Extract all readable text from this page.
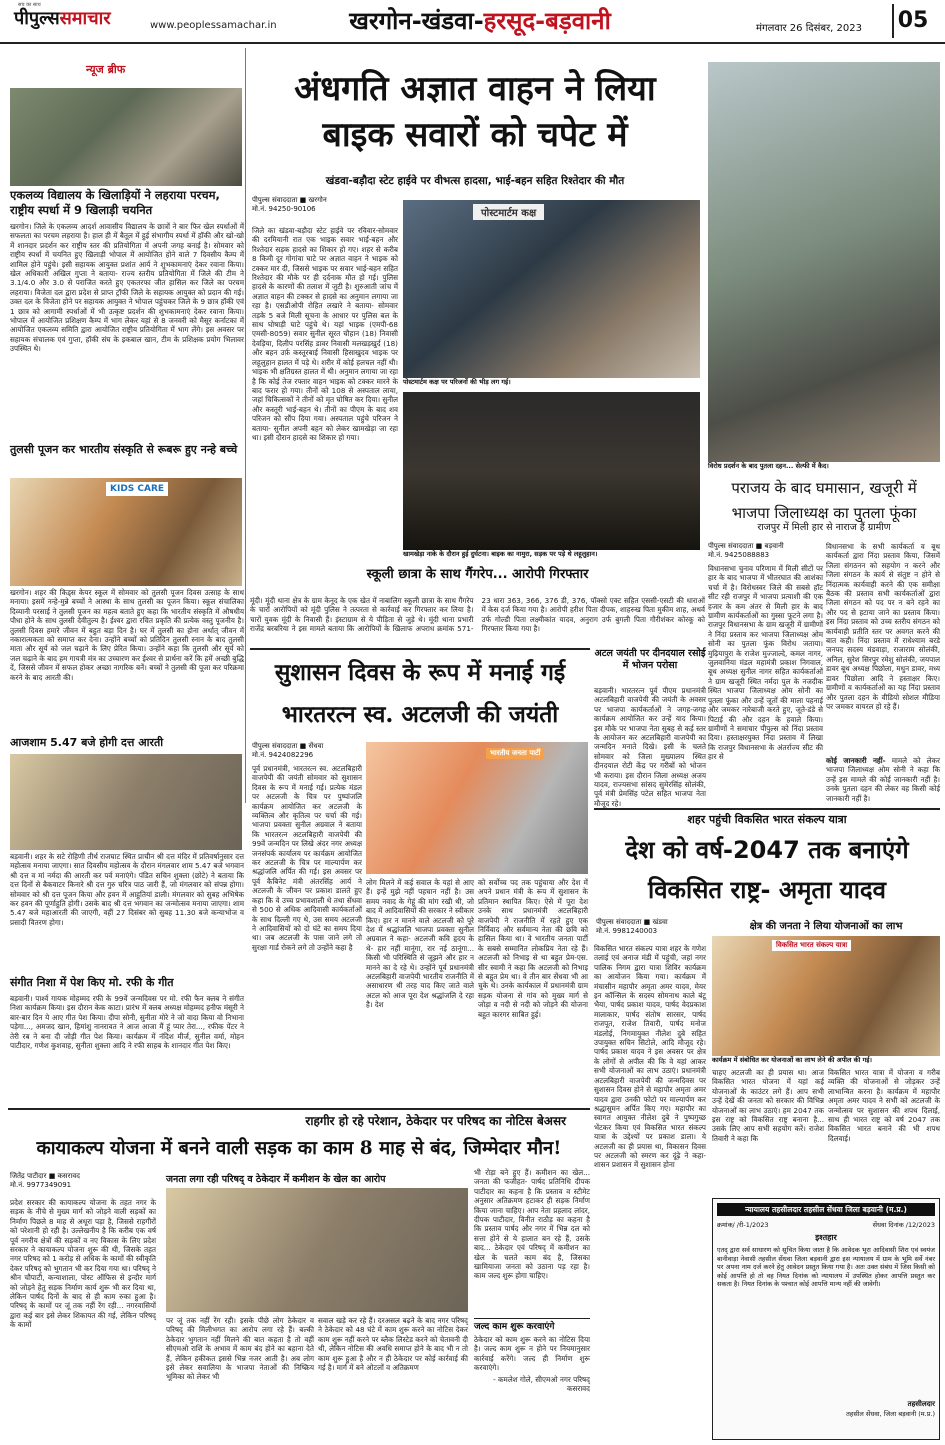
सच का साथ
पीपुल्ससमाचार	www.peoplessamachar.in	खरगोन-खंडवा-हरसूद-बड़वानी	मंगलवार 26 दिसंबर, 2023 05
न्यूज ब्रीफ
एकलव्य विद्यालय के खिलाड़ियों ने लहराया परचम, राष्ट्रीय स्पर्धा में 9 खिलाड़ी चयनित
खरगोन। जिले के एकलव्य आदर्श आवासीय विद्यालय के छात्रों ने बार फिर खेल स्पर्धाओं में सफलता का परचम लहराया है। हाल ही में बैतूल में हुई संभागीय स्पर्धा में हॉकी और खो-खो में शानदार प्रदर्शन कर राष्ट्रीय स्तर की प्रतियोगिता में अपनी जगह बनाई है। सोमवार को राष्ट्रीय स्पर्धा में चयनित हुए खिलाड़ी भोपाल में आयोजित होने वाले 7 दिवसीय कैम्प में शामिल होने पहुंचे। इसी सहायक आयुक्त प्रशांत आर्य ने शुभकामनाएं देकर रवाना किया। खेल अधिकारी अखिल गुप्ता ने बताया- राज्य स्तरीय प्रतियोगिता में जिले की टीम ने 3.1/4.0 और 3.0 से पराजित करते हुए एकतरफा जीत हासिल कर जिले का परचम लहराया। विजेता दल द्वारा प्रदेश से प्राप्त ट्रॉफी जिले के सहायक आयुक्त को प्रदान की गई। उक्त दल के विजेता होने पर सहायक आयुक्त ने भोपाल पहुंचकर जिले के 9 छात्र हॉकी एवं 1 छात्र को आगामी स्पर्धाओं में भी उत्कृष्ट प्रदर्शन की शुभकामनाएं देकर रवाना किया। भोपाल में आयोजित प्रशिक्षण कैम्प में भाग लेकर यहां से 8 जनवरी को मैसूर कर्नाटका में आयोजित एकलव्य समिति द्वारा आयोजित राष्ट्रीय प्रतियोगिता में भाग लेंगे। इस अवसर पर सहायक संचालक एवं गुप्ता, हॉकी संघ के इकबाल खान, टीम के प्रशिक्षक प्रयोग भिलावर उपस्थित थे।
तुलसी पूजन कर भारतीय संस्कृति से रूबरू हुए नन्हे बच्चे
KIDS CARE
खरगोन। शहर की किड्स केयर स्कूल में सोमवार को तुलसी पूजन दिवस उत्साह के साथ मनाया। इसमें नन्हे-मुन्ने बच्चों ने आस्था के साथ तुलसी का पूजन किया। स्कूल संचालिका दिव्यानी परसाई ने तुलसी पूजन का महत्व बताते हुए कहा कि भारतीय संस्कृति में औषधीय पौधा होने के साथ तुलसी देवीतुल्य है। ईश्वर द्वारा रचित प्रकृति की प्रत्येक वस्तु पूजनीय है। तुलसी दिवस हमारे जीवन में बहुत बड़ा दिन है। घर में तुलसी का होना अर्थात् जीवन में नकारात्मकता को समाप्त कर देना। उन्होंने बच्चों को प्रतिदिन तुलसी स्नान के बाद तुलसी माता और सूर्य को जल चढ़ाने के लिए प्रेरित किया। उन्होंने कहा कि तुलसी और सूर्य को जल चढ़ाने के बाद हम गायत्री मंत्र का उच्चारण कर ईश्वर से प्रार्थना करें कि हमें अच्छी बुद्धि दें, जिससे जीवन में सफल होकर अच्छा नागरिक बनें। बच्चों ने तुलसी की पूजा कर परिक्रमा करने के बाद आरती की।
आजशाम 5.47 बजे होगी दत्त आरती
बड़वानी। शहर के सटे रोहिणी तीर्थ राजघाट स्थित प्राचीन श्री दत्त मंदिर में प्रतिवर्षानुसार दत्त महोत्सव मनाया जाएगा। सात दिवसीय महोत्सव के दौरान मंगलवार शाम 5.47 बजे भगवान श्री दत्त व मां नर्मदा की आरती कर पर्व मनाएंगे। पंडित सचिन शुक्ला (छोटे) ने बताया कि दत्त दिनों से बैकवाटर किनारे श्री दत्त गुरु चरित्र पाठ जारी हैं, जो मंगलवार को संपन्न होगा। सोमवार को श्री दत्त पूजन किया और हवन में आहुतियां डाली। मंगलवार को सुबह अभिषेक कर हवन की पूर्णाहुति होगी। उसके बाद श्री दत्त भगवान का जन्मोत्सव मनाया जाएगा। शाम 5.47 बजे महाआरती की जाएगी, वहीं 27 दिसंबर को सुबह 11.30 बजे कन्याभोज व प्रसादी वितरण होगा।
संगीत निशा में पेश किए मो. रफी के गीत
बड़वानी। पार्श्व गायक मोहम्मद रफी के 99वें जन्मदिवस पर मो. रफी फैन क्लब ने संगीत निशा कार्यक्रम किया। इस दौरान केक काटा। प्रारंभ में क्लब अध्यक्ष मोहम्मद हनीफ मंसूरी ने बार-बार दिन ये आए गीत पेश किया। दीपा सोनी, सुनीता मोरे ने जो वादा किया वो निभाना पड़ेगा..., अमजद खान, हिमांशु नानरावत ने आज आजा मैं हूं प्यार तेरा..., रफीक पेंटर ने तेरी रब ने बना दी जोड़ी गीत पेश किया। कार्यक्रम में नंदिश मीर्ज, सुनील वर्मा, मोहन पाटीदार, गणेश कुशवाह, सुनीता शुक्ला आदि ने रफी साहब के शानदार गीत पेश किए।
अंधगति अज्ञात वाहन ने लिया
बाइक सवारों को चपेट में
खंडवा-बड़ौदा स्टेट हाईवे पर वीभत्स हादसा, भाई-बहन सहित रिश्तेदार की मौत
पीपुल्स संवाददाता ■ खरगोन
मो.नं. 94250-90106
जिले का खंडवा-बड़ौदा स्टेट हाईवे पर रविवार-सोमवार की दरमियानी रात एक भाइक सवार भाई-बहन और रिश्तेदार सड़क हादसे का शिकार हो गए। शहर से करीब 8 किमी दूर गोगांवा घाटे पर अज्ञात वाहन ने भाइक को टक्कर मार दी, जिससे भाइक पर सवार भाई-बहन सहित रिश्तेदार की मौके पर ही दर्दनाक मौत हो गई। पुलिस हादसे के कारणों की तलाश में जुटी है। शुरुआती जांच में अज्ञात वाहन की टक्कर से हादसे का अनुमान लगाया जा रहा है। एसडीओपी रोहित लखारे ने बताया- सोमवार तड़के 5 बजे मिली सूचना के आधार पर पुलिस बल के साथ घोषाड़ी घाटे पहुंचे थे। यहां भाइक (एमपी-68 एमसी-8059) सवार सुनील सूरत चौहान (18) निवासी देवड़िया, दिलीप परसिंह डावर निवासी मलखड़खुर्द (18) और बहन उर्फ़ कस्तूरबाई निवासी हिसाखुदव भाइक पर लहूलुहान हालत में पड़े थे। शरीर में कोई हलचल नहीं थी। भाइक भी क्षतिग्रस्त हालत में थी। अनुमान लगाया जा रहा है कि कोई तेज रफ्तार वाहन भाइक को टक्कर मारने के बाद फरार हो गया। तीनों को 108 से अस्पताल लाया, जहां चिकित्सकों ने तीनों को मृत घोषित कर दिया। सुनील और कस्तूरी भाई-बहन थे। तीनों का पीएम के बाद शव परिजन को सौंप दिया गया। अस्पताल पहुंचे परिजन ने बताया- सुनील अपनी बहन को लेकर खामखेड़ा जा रहा था। इसी दौरान हादसे का शिकार हो गया।
पोस्टमार्टम कक्ष
पोस्टमार्टम कक्ष पर परिजनों की भीड़ लग गई।
खामखेड़ा नाके के दौरान हुई दुर्घटना। बाइक का नामुरा, सड़क पर पड़े थे लहूलुहान।
विरोध प्रदर्शन के बाद पुतला दहन... सेल्फी में कैद।
पराजय के बाद घमासान, खजूरी में
भाजपा जिलाध्यक्ष का पुतला फूंका
राजपुर में मिली हार से नाराज हैं ग्रामीण
पीपुल्स संवाददाता ■ बड़वानी
मो.नं. 9425088883
विधानसभा चुनाव परिणाम में मिली सीटों पर हार के बाद भाजपा में भीतरघात की आशंका चर्चा में है। विरोधस्वर जिले की सबसे हॉट सीट रही राजपुर में भाजपा प्रत्याशी की एक हजार के कम अंतर से मिली हार के बाद ग्रामीण कार्यकर्ताओं का गुस्सा फूटने लगा है। राजपुर विधानसभा के ग्राम खजूरी में ग्रामीणों ने निंदा प्रस्ताव कर भाजपा जिलाध्यक्ष ओम सोनी का पुतला फूंक विरोध जताया। मुढ़ियापुरा के राजेश मुज्जाल्दे, कमल नागर, जुलवानिया मंडल महामंत्री प्रकाश निगवाल, बूथ अध्यक्ष सुनील नागर सहित कार्यकर्ताओं ने ग्राम खजूरी स्थित नर्मदा पुल के नजदीक स्थित भाजपा जिलाध्यक्ष ओम सोनी का पुतला फूंका और उन्हें जूतों की माला पहनाई और जमकर नारेबाजी करते हुए, जूते-डंडे से पिटाई की और दहन के हवाले किया। ग्रामीणों ने समाचार पीपुल्स को निंदा प्रस्ताव दिया। हस्ताक्षरयुक्त निंदा प्रस्ताव में लिखा कि राजपुर विधानसभा के अंतर्राज्य सीट की हार से
विधानसभा के सभी कार्यकर्ता व बूथ कार्यकर्ता द्वारा निंदा प्रस्ताव किया, जिसमें जिला संगठनन को सहयोग न करने और जिला संगठन के कार्य से संतुष्ट न होने से निंदात्मक कार्यवाही करने की एक समीक्षा बैठक की प्रस्ताव सभी कार्यकर्ताओं द्वारा जिला संगठन को पद पर न बने रहने का और पद से हटाया जाने का प्रस्ताव किया। इस निंदा प्रस्ताव को उच्च स्तरीय संगठन को कार्यवाही प्रतीति स्तर पर अवगत करने की बात कही। निंदा प्रस्ताव में राधेश्याम बरडे जनपद सदस्य मंडवाड़ा, राजाराम सोलंकी, अनिल, सुरेश सिरपुर रमेशु सोलंकी, जयपाल डावर बूथ अध्यक्ष पिछोला, मधुन डावर, मध्य डावर पिछोला आदि ने हस्ताक्षर किए। ग्रामीणों व कार्यकर्ताओं का यह निंदा प्रस्ताव और पुतला दहन के वीडियो सोशल मीडिया पर जमकर वायरल हो रहे हैं।
कोई जानकारी नहीं- मामले को लेकर भाजपा जिलाध्यक्ष ओम सोनी ने कहा कि उन्हें इस मामले की कोई जानकारी नहीं है। उनके पुतला दहन की लेकर वह किसी कोई जानकारी नहीं है।
स्कूली छात्रा के साथ गैंगरेप... आरोपी गिरफ्तार
मूंदी। मूंदी थाना क्षेत्र के ग्राम केनूद के एक खेत में नाबालिग स्कूली छात्रा के साथ गैंगरेप के चारों आरोपियों को मूंदी पुलिस ने तत्परता से कार्रवाई कर गिरफ्तार कर लिया है। चारों युवक मूंदी के निवासी हैं। इंस्टाग्राम से ये पीड़िता से जुड़े थे। मूंदी थाना प्रभारी राजेंद्र बरबरिया ने इस मामले बताया कि आरोपियों के खिलाफ अपराध क्रमांक 571-23 धारा 363, 366, 376 डी, 376, पॉक्सो एक्ट सहित एससी-एसटी की धाराओं में केस दर्ज किया गया है। आरोपी हरीश पिता दीपक, शाहरुख पिता मुकीम शाह, अथर्व उर्फ गोल्डी पिता लक्ष्मीकांत यादव, अनुराग उर्फ बुगली पिता गौरीशंकर कोरकू को गिरफ्तार किया गया है।
सुशासन दिवस के रूप में मनाई गई
भारतरत्न स्व. अटलजी की जयंती
पीपुल्स संवाददाता ■ सेंधवा
मो.नं. 9424082296
पूर्व प्रधानमंत्री, भारतरत्न स्व. अटलबिहारी वाजपेयी की जयंती सोमवार को सुशासन दिवस के रूप में मनाई गई। प्रत्येक मंडल पर अटलजी के चित्र पर पुष्पांजलि कार्यक्रम आयोजित कर अटलजी के व्यक्तित्व और कृतित्व पर चर्चा की गई। भाजपा प्रवक्ता सुनील अग्रवाल ने बताया कि भारतरत्न अटलबिहारी वाजपेयी की 99वें जन्मदिन पर लिखे अंदर नगर अध्यक्ष जनसंपर्क कार्यालय पर कार्यक्रम आयोजित कर अटलजी के चित्र पर माल्यार्पण कर श्रद्धांजलि अर्पित की गई। इस अवसर पर पूर्व कैबिनेट मंत्री अंतरसिंह आर्य ने अटलजी के जीवन पर प्रकाश डालते हुए कहा कि वे उच्च प्रभावशाली थे तथा सेंधवा से 500 से अधिक आदिवासी कार्यकर्ताओं के साथ दिल्ली गए थे, उस समय अटलजी ने आदिवासियों को दो घंटे का समय दिया था। जब अटलजी के पास जाने लगे तो सुरक्षा गार्ड रोकने लगे तो उन्होंने कहा है
भारतीय जनता पार्टी
लोग मिलने में कई सवाल के यहां से आए हैं। इन्हें मुझे नहीं पहचान नहीं है। उस समय नवाद के गेहूं की मांग रखी थी, जो बाद में आदिवासियों की सरकार ने स्वीकार किए। हार न मानने वाले अटलजी को पूरे देश में श्रद्धांजलि भाजपा प्रवक्ता सुनील अग्रवाल ने कहा- अटलजी कवि हृदय के थे- हार नहीं मानूंगा, रार नई ठानूंगा... किसी भी परिस्थिति से जूझने और हार न मानने का दे रहे थे। उन्होंने पूर्व प्रधानमंत्री अटलबिहारी वाजपेयी भारतीय राजनीति में असाधारण थी तरह याद किए जाते वाले अटल को आज पूरा देश श्रद्धांजलि दे रहा है। देश
को सर्वोच्च पद तक पहुंचाया और देश में अपने प्रधान मंत्री के रूप में सुशासन के प्रतिमान स्थापित किए। ऐसे में पूरा देश उनके साथ प्रधानमंत्री अटलबिहारी वाजपेयी ने राजनीति में रहते हुए एक निर्विवाद और सर्वमान्य नेता की छवि को हासिल किया था। वे भारतीय जनता पार्टी के सबसे सम्मानित लोकप्रिय नेता रहे हैं। अटलजी को निभाइ से था बहुत प्रेम-एस. सीर स्वामी ने कहा कि अटलजी को निभाइ से बहुत प्रेम था। वे तीन बार सेंधवा भी आ चुके थे। उनके कार्यकाल में प्रधानमंत्री ग्राम सड़क योजना से गांव को मुख्य मार्ग से जोड़ा व नदी से नदी को जोड़ने की योजना बहुत कारगर साबित हुई।
अटल जयंती पर दीनदयाल रसोई में भोजन परोसा
बड़वानी। भारतरत्न पूर्व पीएम प्रधानमंत्री अटलबिहारी वाजपेयी की जयंती के अवसर पर भाजपा कार्यकर्ताओं ने जगह-जगह कार्यक्रम आयोजित कर उन्हें याद किया। इस मौके पर भाजपा नेता सुबह से कई स्तर के आयोजन कर अटलबिहारी वाजपेयी का जन्मदिन मनाते दिखे। इसी के चलते सोमवार को जिला मुख्यालय स्थित दीनदयाल रोटी केंद्र पर गरीबों को भोजन भी कराया। इस दौरान जिला अध्यक्ष अजय यादव, राज्यसभा सांसद सुमेरसिंह सोलंकी, पूर्व मंत्री प्रेमसिंह पटेल सहित भाजपा नेता मौजूद रहे।
शहर पहुंची विकसित भारत संकल्प यात्रा
देश को वर्ष-2047 तक बनाएंगे
विकसित राष्ट्र- अमृता यादव
पीपुल्स संवाददाता ■ खंडवा
मो.नं. 9981240003	क्षेत्र की जनता ने लिया योजनाओं का लाभ
विकसित भारत संकल्प यात्रा शहर के गणेश तलाई एवं अनाज मंडी में पहुंची, जहां नगर पालिक निगम द्वारा यात्रा शिविर कार्यक्रम का आयोजन किया गया। कार्यक्रम में मंचासीन महापौर अमृता अमर यादव, मेयर इन कॉन्सिल के सदस्य सोमनाथ काले बंटू भैया, पार्षद प्रकाश यादव, पार्षद वेदप्रकाश मालाकार, पार्षद संतोष सारसर, पार्षद राजपूत, राजेश तिवारी, पार्षद मनोज मंडलोई, निगमायुक्त नीलेश दुबे सहित उपायुक्त सचिन सिटोले, आदि मौजूद रहे। पार्षद प्रकाश यादव ने इस अवसर पर क्षेत्र के लोगों से अपील की कि वे यहां आकर सभी योजनाओं का लाभ उठाएं। प्रधानमंत्री अटलबिहारी वाजपेयी की जन्मदिवस पर सुशासन दिवस होने से महापौर अमृता अमर यादव द्वारा उनकी फोटो पर माल्यार्पण कर श्रद्धासुमन अर्पित किए गए। महापौर का स्वागत आयुक्त नीलेश दुबे ने पुष्पगुच्छ भेंटकर किया एवं विकसित भारत संकल्प यात्रा के उद्देश्यों पर प्रकाश डाला। ये अटलजी का ही प्रयास था, विकासन दिवस पर अटलजी को स्मरण कर दूंढ़े ने कहा-शासन प्रशासन में सुशासन होना
विकसित भारत संकल्प यात्रा
कार्यक्रम में संबोधित कर योजनाओं का लाभ लेने की अपील की गई।
चाहए अटलजी का ही प्रयास था। आज विकसित भारत योजना में यहां कई योजनाओं के काउंटर लगे हैं। आप सभी उन्हें देखें की जनता को सरकार की विभिन्न योजनाओं का लाभ उठाएं। हम 2047 तक इस राष्ट्र को विकसित राष्ट्र बनाना है... उसके लिए आप सभी सहयोग करें। राजेश तिवारी ने कहा कि
विकसित भारत यात्रा में योजना व गरीब व्यक्ति की योजनाओं से जोड़कर उन्हें लाभान्वित करना है। कार्यक्रम में महापौर अमृता अमर यादव ने सभी को अटलजी के जन्मोत्सव पर सुशासन की शपथ दिलाई, साथ ही भारत राष्ट्र को वर्ष 2047 तक विकसित भारत बनाने की भी शपथ दिलवाई।
न्यायालय तहसीलदार तहसील सेंधवा जिला बड़वानी (म.प्र.)
क्रमांक/ /री-1/2023	सेंधवा दिनांक /12/2023
इश्तहार
एतद् द्वारा सर्व साधारण को सूचित किया जाता है कि आवेदक भूरा आदिवासी शिरा एवं स्वयंज बानीवाड़ा नेवासी तहसील सेंधवा जिला बड़वानी द्वारा इस न्यायालय में ग्राम के भूमि सर्वे नंबर पर अपना नाम दर्ज करने हेतु आवेदन प्रस्तुत किया गया है। अतः उक्त संबंध में जिस किसी को कोई आपत्ति हो तो वह नियत दिनांक को न्यायालय में उपस्थित होकर आपत्ति प्रस्तुत कर सकता है। नियत दिनांक के पश्चात कोई आपत्ति मान्य नहीं की जावेगी।
तहसीलदार
तहसील सेंधवा, जिला बड़वानी (म.प्र.)
राहगीर हो रहे परेशान, ठेकेदार पर परिषद का नोटिस बेअसर
कायाकल्प योजना में बनने वाली सड़क का काम 8 माह से बंद, जिम्मेदार मौन!
जितेंद्र पाटीदार ■ कसरावद
मो.नं. 9977349091
प्रदेश सरकार की कायाकल्प योजना के तहत नगर के सड़क के नीचे से मुख्य मार्ग को जोड़ने वाली सड़कों का निर्माण पिछले 8 माह से अधूरा पड़ा है, जिससे राहगीरों को परेशानी हो रही है। उल्लेखनीय है कि करीब एक वर्ष पूर्व नगरीय क्षेत्रों की सड़कों व नए विकास के लिए प्रदेश सरकार ने कायाकल्प योजना शुरू की थी, जिसके तहत नगर परिषद को 1 करोड़ से अधिक के कामों की स्वीकृति देकर परिषद् को भुगतान भी कर दिया गया था। परिषद् ने श्रीन चौपाटी, कन्याशाला, पोस्ट ऑफिस से इन्दौर मार्ग को जोड़ने हेतु सड़क निर्माण कार्य शुरू भी कर दिया था, लेकिन पार्षद दिनों के बाद से ही काम रुका हुआ है। परिषद् के कामों पर जूं तक नहीं रेंग रही... नगरवासियों द्वारा कई बार इसे लेकर शिकायत की गई, लेकिन परिषद् के कामों
जनता लगा रही परिषद् व ठेकेदार में कमीशन के खेल का आरोप
पर जूं तक नहीं रेंग रही। इसके पीछे लोग ठेकेदार व परिषद् की मिलीभगत का आरोप लगा रहे हैं। बल्की ठेकेदार भुगतान नहीं मिलने की बात कहता है तो वहीं सीएमओ राशि के अभाव में काम बंद होने का बहाना देते हैं, लेकिन हकीकत इससे भिन्न नजर आती है। अब लोग इसे लेकर सवालिया के भाजपा नेताओं की निष्क्रिय भूमिका को लेकर भी
सवाल खड़े कर रहे हैं। दरअसल बढ़ने के बाद नगर परिषद् ने ठेकेदार को 48 घंटे में काम शुरू करने का नोटिस देकर काम शुरू नहीं करने पर ब्लैक लिस्टेड करने को चेतावनी दी थी, लेकिन नोटिस की अवधि समाप्त होने के बाद भी न तो काम शुरू हुआ है और न ही ठेकेदार पर कोई कार्रवाई की गई है। मार्ग में बने ओटलों व अतिक्रमण
भी रोड़ा बने हुए हैं। कमीशन का खेल... जनता की फजीहत- पार्षद प्रतिनिधि दीपक पाटीदार का कहना है कि प्रस्ताव व स्टीमेट अनुसार अतिक्रमण हटाकर ही सड़क निर्माण किया जाना चाहिए। आप नेता प्रहलाद लांदर, दीपक पाटीदार, विनीत राठौड़ का कहना है कि प्रस्ताव पार्षद और नगर में भिन्न दल को सत्ता होने से ये हालात बन रहे हैं, उसके बाद... ठेकेदार एवं परिषद् में कमीशन का खेल के चलते काम बंद है, जिसका खामियाजा जनता को उठाना पड़ रहा है। काम जल्द शुरू होगा चाहिए।
जल्द काम शुरू करवाएंगे
ठेकेदार को काम शुरू करने का नोटिस दिया है। जल्द काम शुरू न होने पर नियमानुसार कार्रवाई करेंगे। जल्द ही निर्माण शुरू करवाएंगे।
- कमलेश गोले, सीएमओ नगर परिषद् कसरावद
